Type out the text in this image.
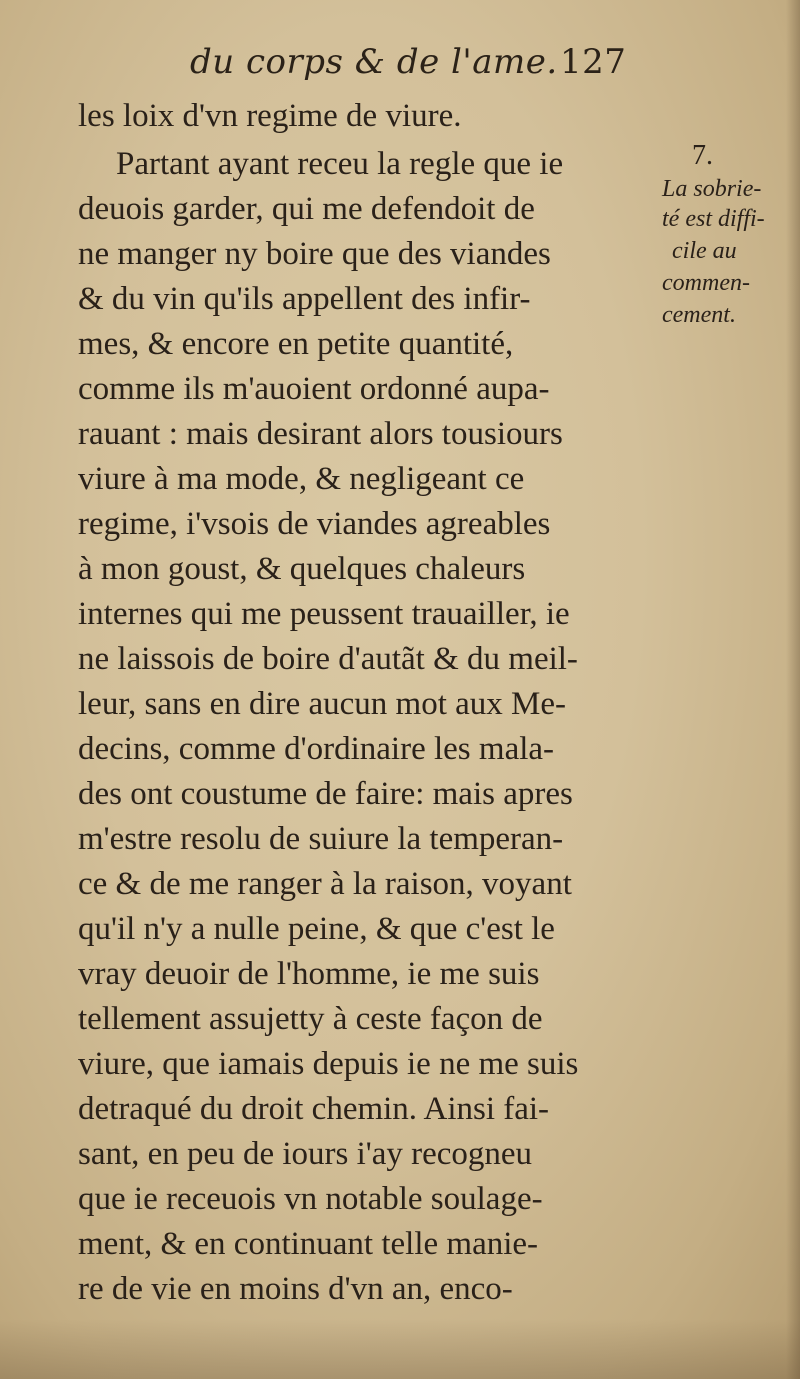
du corps & de l'ame. 127
les loix d'vn regime de viure.
Partant ayant receu la regle que ie
deuois garder, qui me defendoit de
ne manger ny boire que des viandes
& du vin qu'ils appellent des infir-
mes, & encore en petite quantité,
comme ils m'auoient ordonné aupa-
rauant : mais desirant alors tousiours
viure à ma mode, & negligeant ce
regime, i'vsois de viandes agreables
à mon goust, & quelques chaleurs
internes qui me peussent trauailler, ie
ne laissois de boire d'autãt & du meil-
leur, sans en dire aucun mot aux Me-
decins, comme d'ordinaire les mala-
des ont coustume de faire: mais apres
m'estre resolu de suiure la temperan-
ce & de me ranger à la raison, voyant
qu'il n'y a nulle peine, & que c'est le
vray deuoir de l'homme, ie me suis
tellement assujetty à ceste façon de
viure, que iamais depuis ie ne me suis
detraqué du droit chemin. Ainsi fai-
sant, en peu de iours i'ay recogneu
que ie receuois vn notable soulage-
ment, & en continuant telle manie-
re de vie en moins d'vn an, enco-
7.
La sobrie-
té est diffi-
cile au
commen-
cement.
